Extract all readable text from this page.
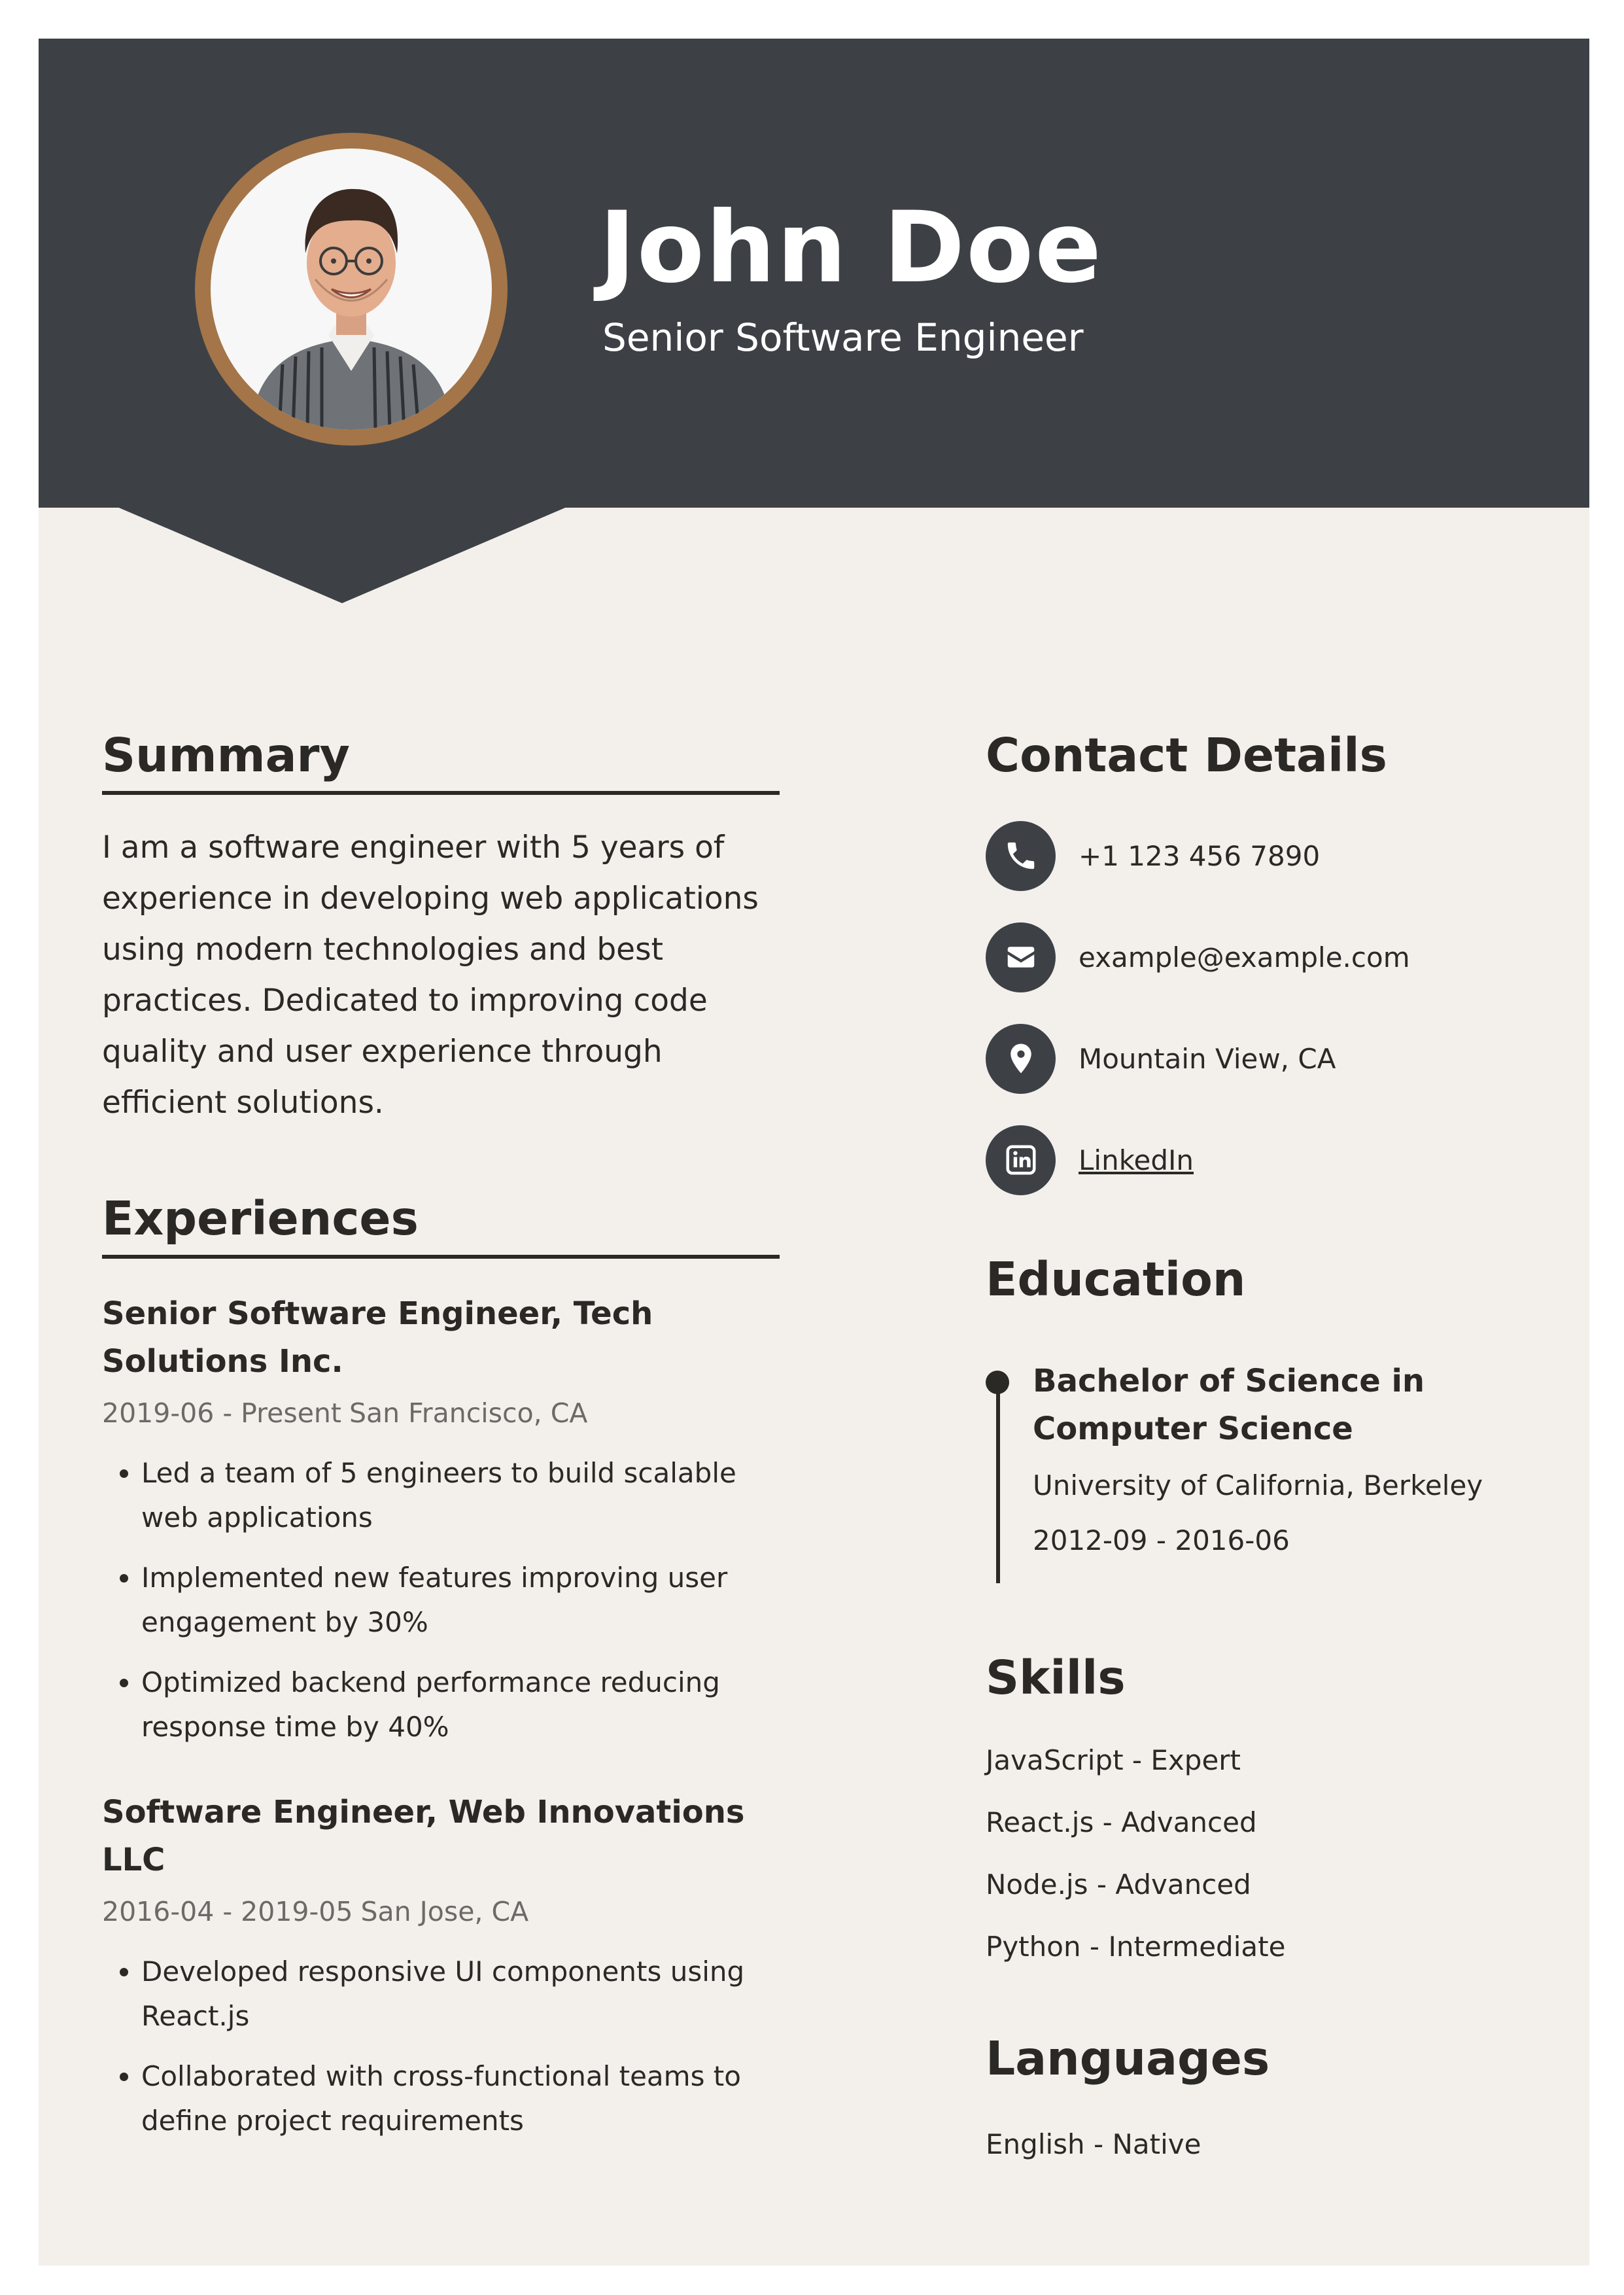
John Doe

Senior Software Engineer

Summary

I am a software engineer with 5 years of experience in developing web applications using modern technologies and best practices. Dedicated to improving code quality and user experience through efficient solutions.

Experiences

Senior Software Engineer, Tech Solutions Inc.

2019-06 - Present San Francisco, CA

• Led a team of 5 engineers to build scalable web applications
• Implemented new features improving user engagement by 30%
• Optimized backend performance reducing response time by 40%

Software Engineer, Web Innovations LLC

2016-04 - 2019-05 San Jose, CA

• Developed responsive UI components using React.js
• Collaborated with cross-functional teams to define project requirements
Contact Details
+1 123 456 7890
example@example.com
Mountain View, CA
LinkedIn
Education

Bachelor of Science in Computer Science

University of California, Berkeley

2012-09 - 2016-06

Skills
JavaScript - Expert
React.js - Advanced
Node.js - Advanced
Python - Intermediate
Languages
English - Native
